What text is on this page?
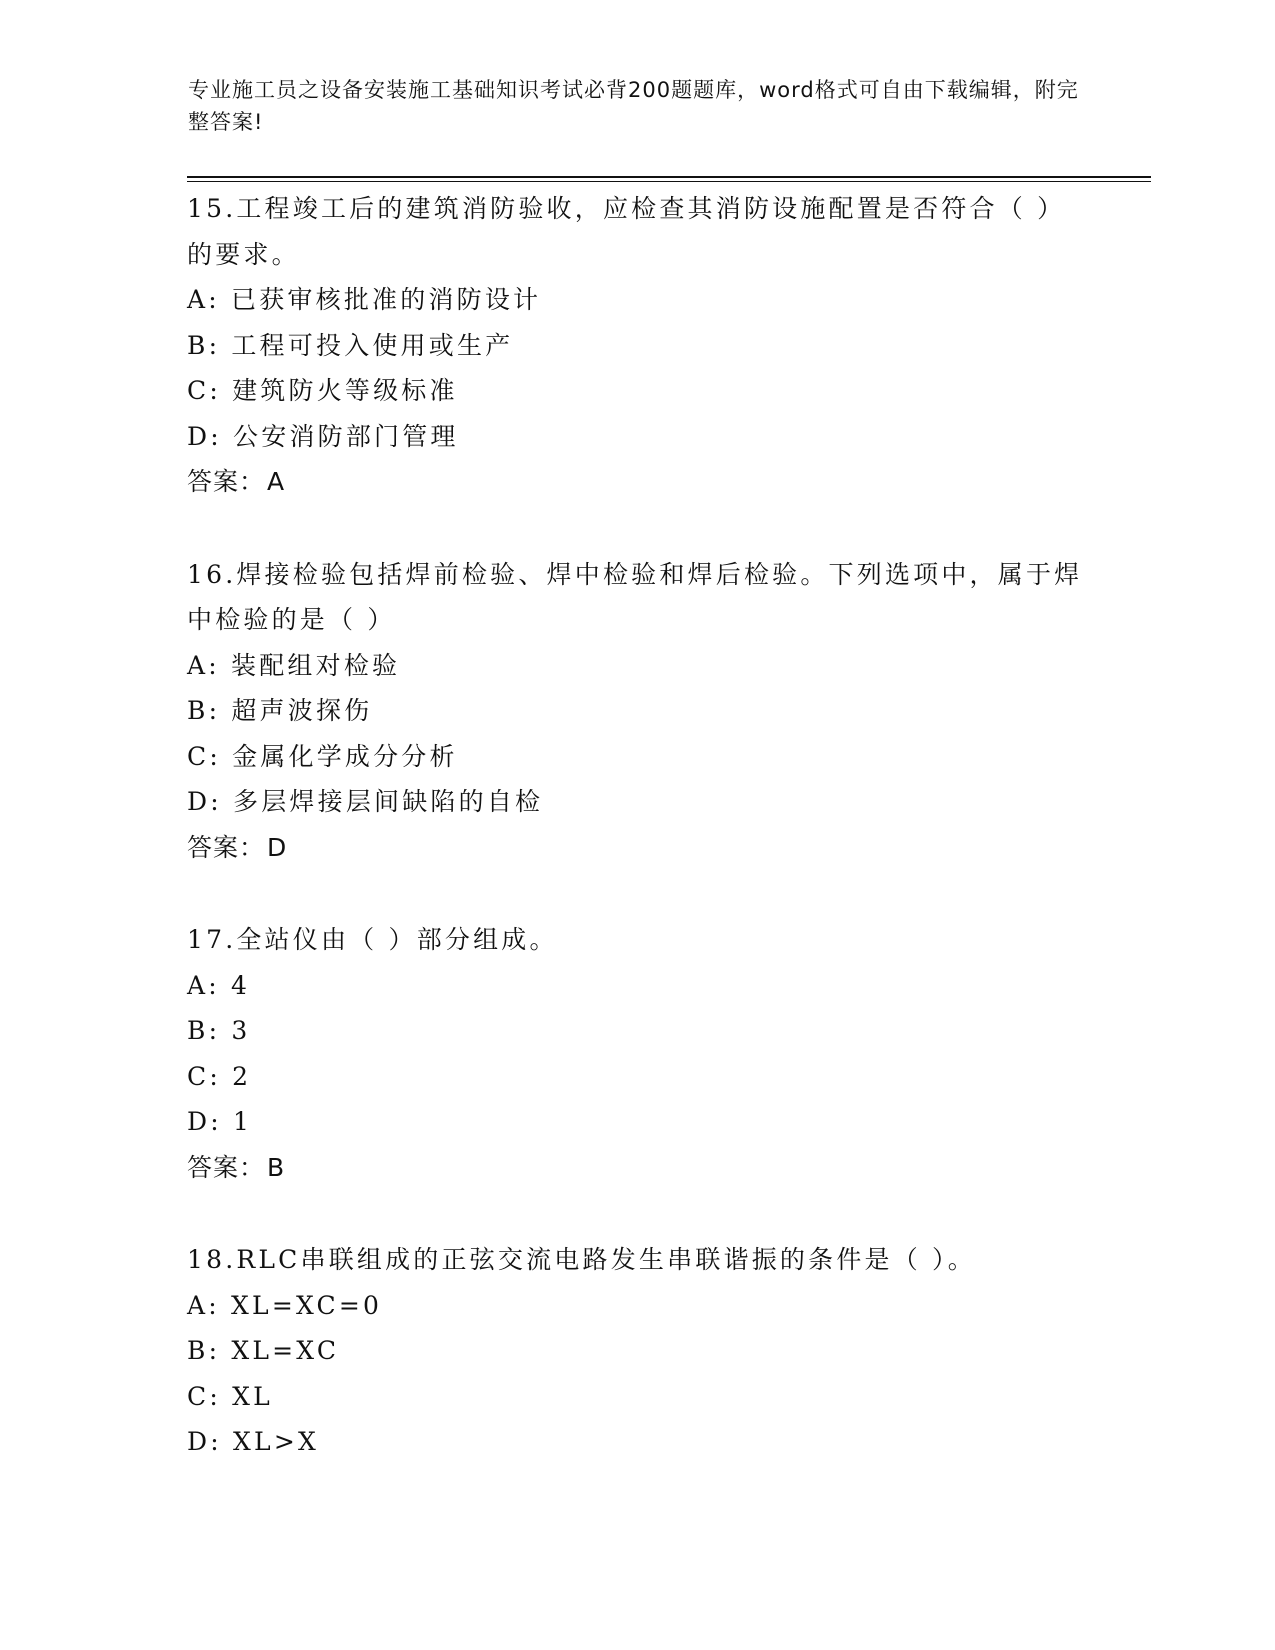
专业施工员之设备安装施工基础知识考试必背200题题库，word格式可自由下载编辑，附完整答案!
15.工程竣工后的建筑消防验收，应检查其消防设施配置是否符合（ ）的要求。
A: 已获审核批准的消防设计
B: 工程可投入使用或生产
C: 建筑防火等级标准
D: 公安消防部门管理
答案：A
16.焊接检验包括焊前检验、焊中检验和焊后检验。下列选项中，属于焊中检验的是（ ）
A: 装配组对检验
B: 超声波探伤
C: 金属化学成分分析
D: 多层焊接层间缺陷的自检
答案：D
17.全站仪由（ ）部分组成。
A: 4
B: 3
C: 2
D: 1
答案：B
18.RLC串联组成的正弦交流电路发生串联谐振的条件是（ ）。
A: XL=XC=0
B: XL=XC
C: XL
D: XL>X
